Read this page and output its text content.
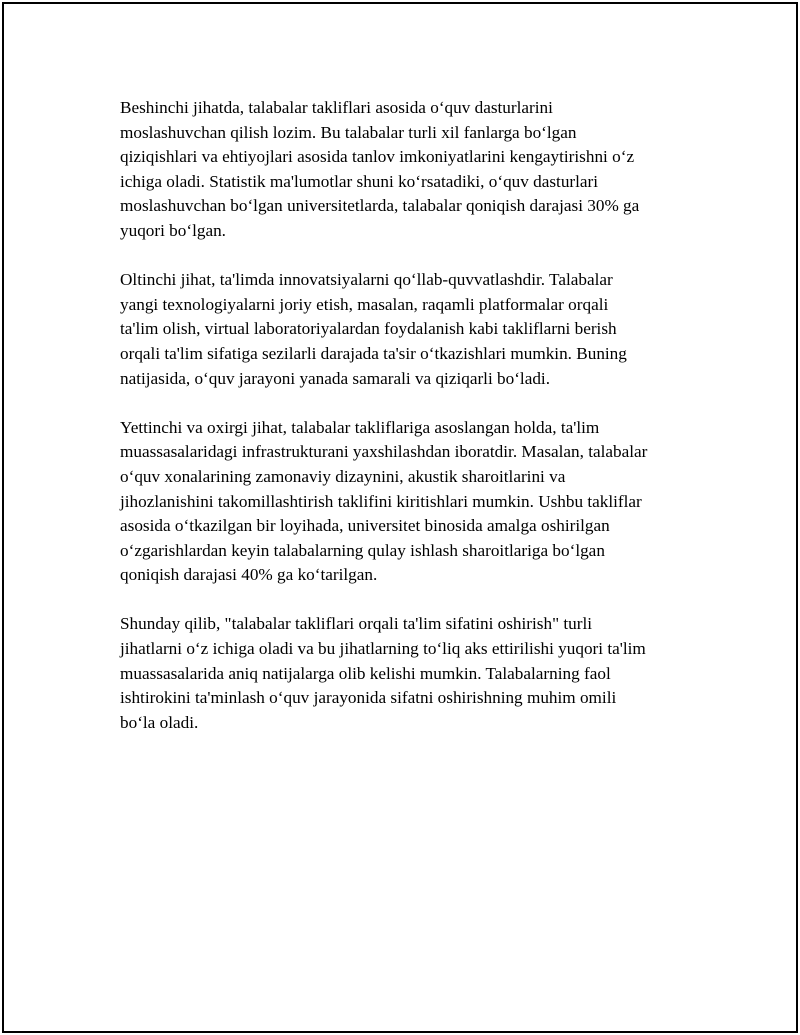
Beshinchi jihatda, talabalar takliflari asosida o‘quv dasturlarini
moslashuvchan qilish lozim. Bu talabalar turli xil fanlarga bo‘lgan
qiziqishlari va ehtiyojlari asosida tanlov imkoniyatlarini kengaytirishni o‘z
ichiga oladi. Statistik ma'lumotlar shuni ko‘rsatadiki, o‘quv dasturlari
moslashuvchan bo‘lgan universitetlarda, talabalar qoniqish darajasi 30% ga
yuqori bo‘lgan.

Oltinchi jihat, ta'limda innovatsiyalarni qo‘llab-quvvatlashdir. Talabalar
yangi texnologiyalarni joriy etish, masalan, raqamli platformalar orqali
ta'lim olish, virtual laboratoriyalardan foydalanish kabi takliflarni berish
orqali ta'lim sifatiga sezilarli darajada ta'sir o‘tkazishlari mumkin. Buning
natijasida, o‘quv jarayoni yanada samarali va qiziqarli bo‘ladi.

Yettinchi va oxirgi jihat, talabalar takliflariga asoslangan holda, ta'lim
muassasalaridagi infrastrukturani yaxshilashdan iboratdir. Masalan, talabalar
o‘quv xonalarining zamonaviy dizaynini, akustik sharoitlarini va
jihozlanishini takomillashtirish taklifini kiritishlari mumkin. Ushbu takliflar
asosida o‘tkazilgan bir loyihada, universitet binosida amalga oshirilgan
o‘zgarishlardan keyin talabalarning qulay ishlash sharoitlariga bo‘lgan
qoniqish darajasi 40% ga ko‘tarilgan.

Shunday qilib, "talabalar takliflari orqali ta'lim sifatini oshirish" turli
jihatlarni o‘z ichiga oladi va bu jihatlarning to‘liq aks ettirilishi yuqori ta'lim
muassasalarida aniq natijalarga olib kelishi mumkin. Talabalarning faol
ishtirokini ta'minlash o‘quv jarayonida sifatni oshirishning muhim omili
bo‘la oladi.
